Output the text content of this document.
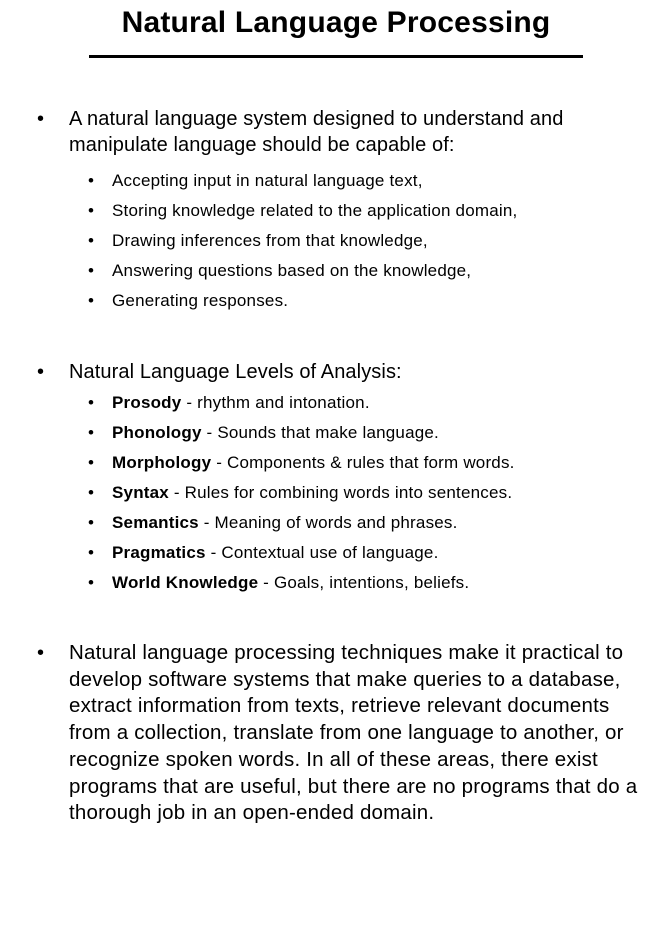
Natural Language Processing
• A natural language system designed to understand and manipulate language should be capable of:
• Accepting input in natural language text,
• Storing knowledge related to the application domain,
• Drawing inferences from that knowledge,
• Answering questions based on the knowledge,
• Generating responses.
• Natural Language Levels of Analysis:
• Prosody - rhythm and intonation.
• Phonology - Sounds that make language.
• Morphology - Components & rules that form words.
• Syntax - Rules for combining words into sentences.
• Semantics - Meaning of words and phrases.
• Pragmatics - Contextual use of language.
• World Knowledge - Goals, intentions, beliefs.
• Natural language processing techniques make it practical to develop software systems that make queries to a database, extract information from texts, retrieve relevant documents from a collection, translate from one language to another, or recognize spoken words. In all of these areas, there exist programs that are useful, but there are no programs that do a thorough job in an open-ended domain.
